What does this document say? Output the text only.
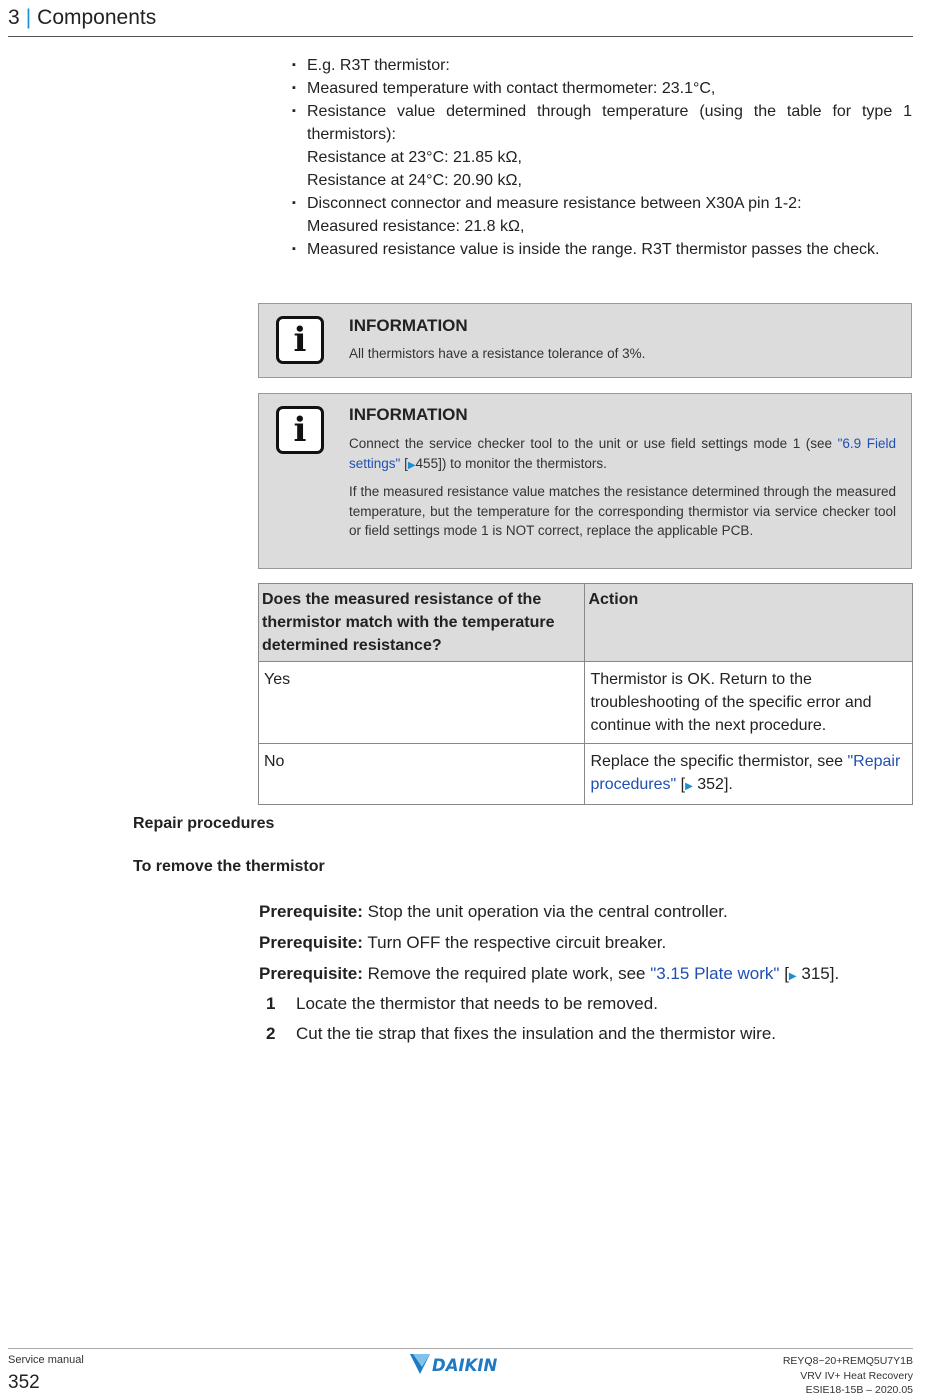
3 | Components
▪ E.g. R3T thermistor:
▪ Measured temperature with contact thermometer: 23.1°C,
▪ Resistance value determined through temperature (using the table for type 1 thermistors):
Resistance at 23°C: 21.85 kΩ,
Resistance at 24°C: 20.90 kΩ,
▪ Disconnect connector and measure resistance between X30A pin 1-2:
Measured resistance: 21.8 kΩ,
▪ Measured resistance value is inside the range. R3T thermistor passes the check.
i	INFORMATION

All thermistors have a resistance tolerance of 3%.

i	INFORMATION

Connect the service checker tool to the unit or use field settings mode 1 (see "6.9 Field settings" [▶455]) to monitor the thermistors.

If the measured resistance value matches the resistance determined through the measured temperature, but the temperature for the corresponding thermistor via service checker tool or field settings mode 1 is NOT correct, replace the applicable PCB.

Does the measured resistance of the thermistor match with the temperature determined resistance?	Action
Yes	Thermistor is OK. Return to the troubleshooting of the specific error and continue with the next procedure.
No	Replace the specific thermistor, see "Repair procedures" [▶ 352].
Repair procedures
To remove the thermistor
Prerequisite: Stop the unit operation via the central controller.
Prerequisite: Turn OFF the respective circuit breaker.
Prerequisite: Remove the required plate work, see "3.15 Plate work" [▶ 315].
1 Locate the thermistor that needs to be removed.
2 Cut the tie strap that fixes the insulation and the thermistor wire.
Service manual
352
DAIKIN	REYQ8~20+REMQ5U7Y1B
VRV IV+ Heat Recovery
ESIE18-15B – 2020.05
